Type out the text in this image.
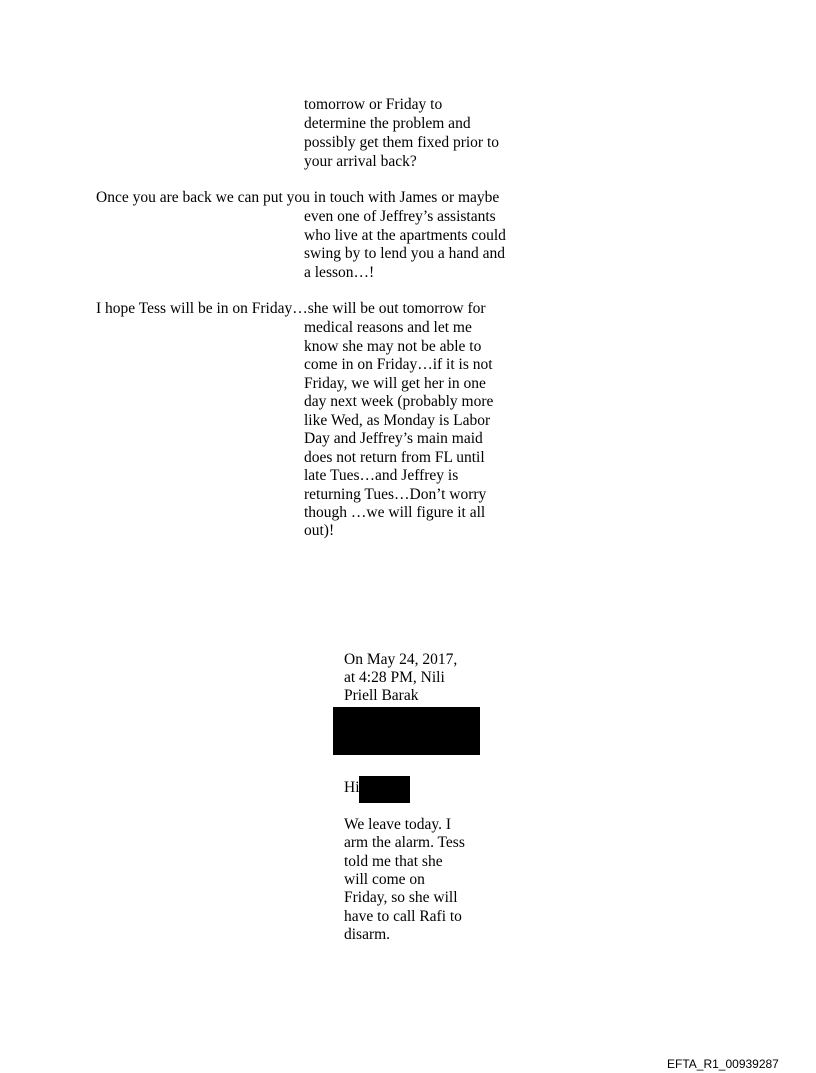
tomorrow or Friday to
determine the problem and
possibly get them fixed prior to
your arrival back?
Once you are back we can put you in touch with James or maybe
even one of Jeffrey’s assistants
who live at the apartments could
swing by to lend you a hand and
a lesson…!
I hope Tess will be in on Friday…she will be out tomorrow for
medical reasons and let me
know she may not be able to
come in on Friday…if it is not
Friday, we will get her in one
day next week (probably more
like Wed, as Monday is Labor
Day and Jeffrey’s main maid
does not return from FL until
late Tues…and Jeffrey is
returning Tues…Don’t worry
though …we will figure it all
out)!
On May 24, 2017,
at 4:28 PM, Nili
Priell Barak
Hi
We leave today. I
arm the alarm. Tess
told me that she
will come on
Friday, so she will
have to call Rafi to
disarm.
EFTA_R1_00939287
